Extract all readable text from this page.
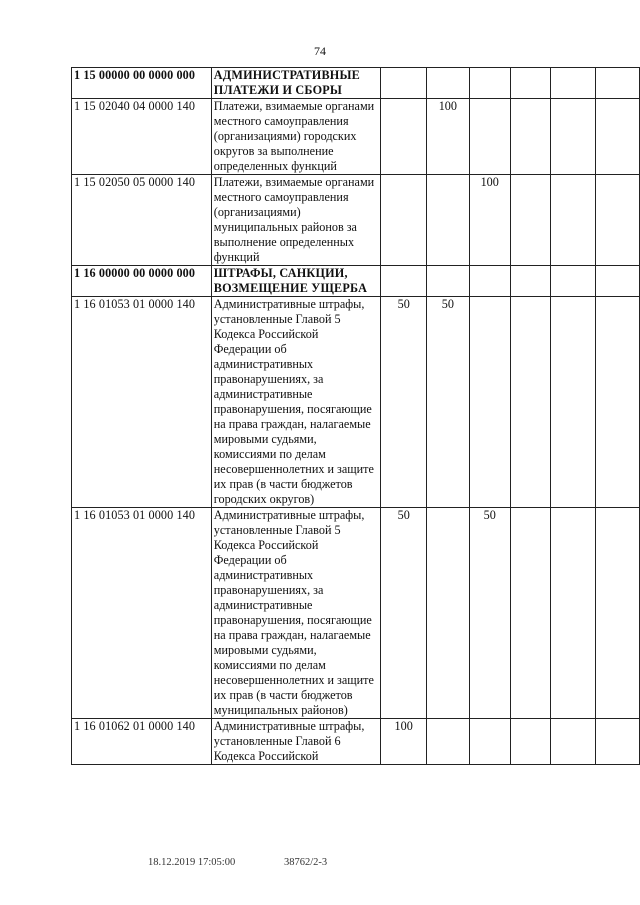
74
1 15 00000 00 0000 000	АДМИНИСТРАТИВНЫЕ ПЛАТЕЖИ И СБОРЫ						
1 15 02040 04 0000 140	Платежи, взимаемые органами местного самоуправления (организациями) городских округов за выполнение определенных функций		100				
1 15 02050 05 0000 140	Платежи, взимаемые органами местного самоуправления (организациями) муниципальных районов за выполнение определенных функций			100			
1 16 00000 00 0000 000	ШТРАФЫ, САНКЦИИ, ВОЗМЕЩЕНИЕ УЩЕРБА						
1 16 01053 01 0000 140	Административные штрафы, установленные Главой 5 Кодекса Российской Федерации об административных правонарушениях, за административные правонарушения, посягающие на права граждан, налагаемые мировыми судьями, комиссиями по делам несовершеннолетних и защите их прав (в части бюджетов городских округов)	50	50				
1 16 01053 01 0000 140	Административные штрафы, установленные Главой 5 Кодекса Российской Федерации об административных правонарушениях, за административные правонарушения, посягающие на права граждан, налагаемые мировыми судьями, комиссиями по делам несовершеннолетних и защите их прав (в части бюджетов муниципальных районов)	50		50			
1 16 01062 01 0000 140	Административные штрафы, установленные Главой 6 Кодекса Российской	100					
18.12.2019 17:05:00	38762/2-3
